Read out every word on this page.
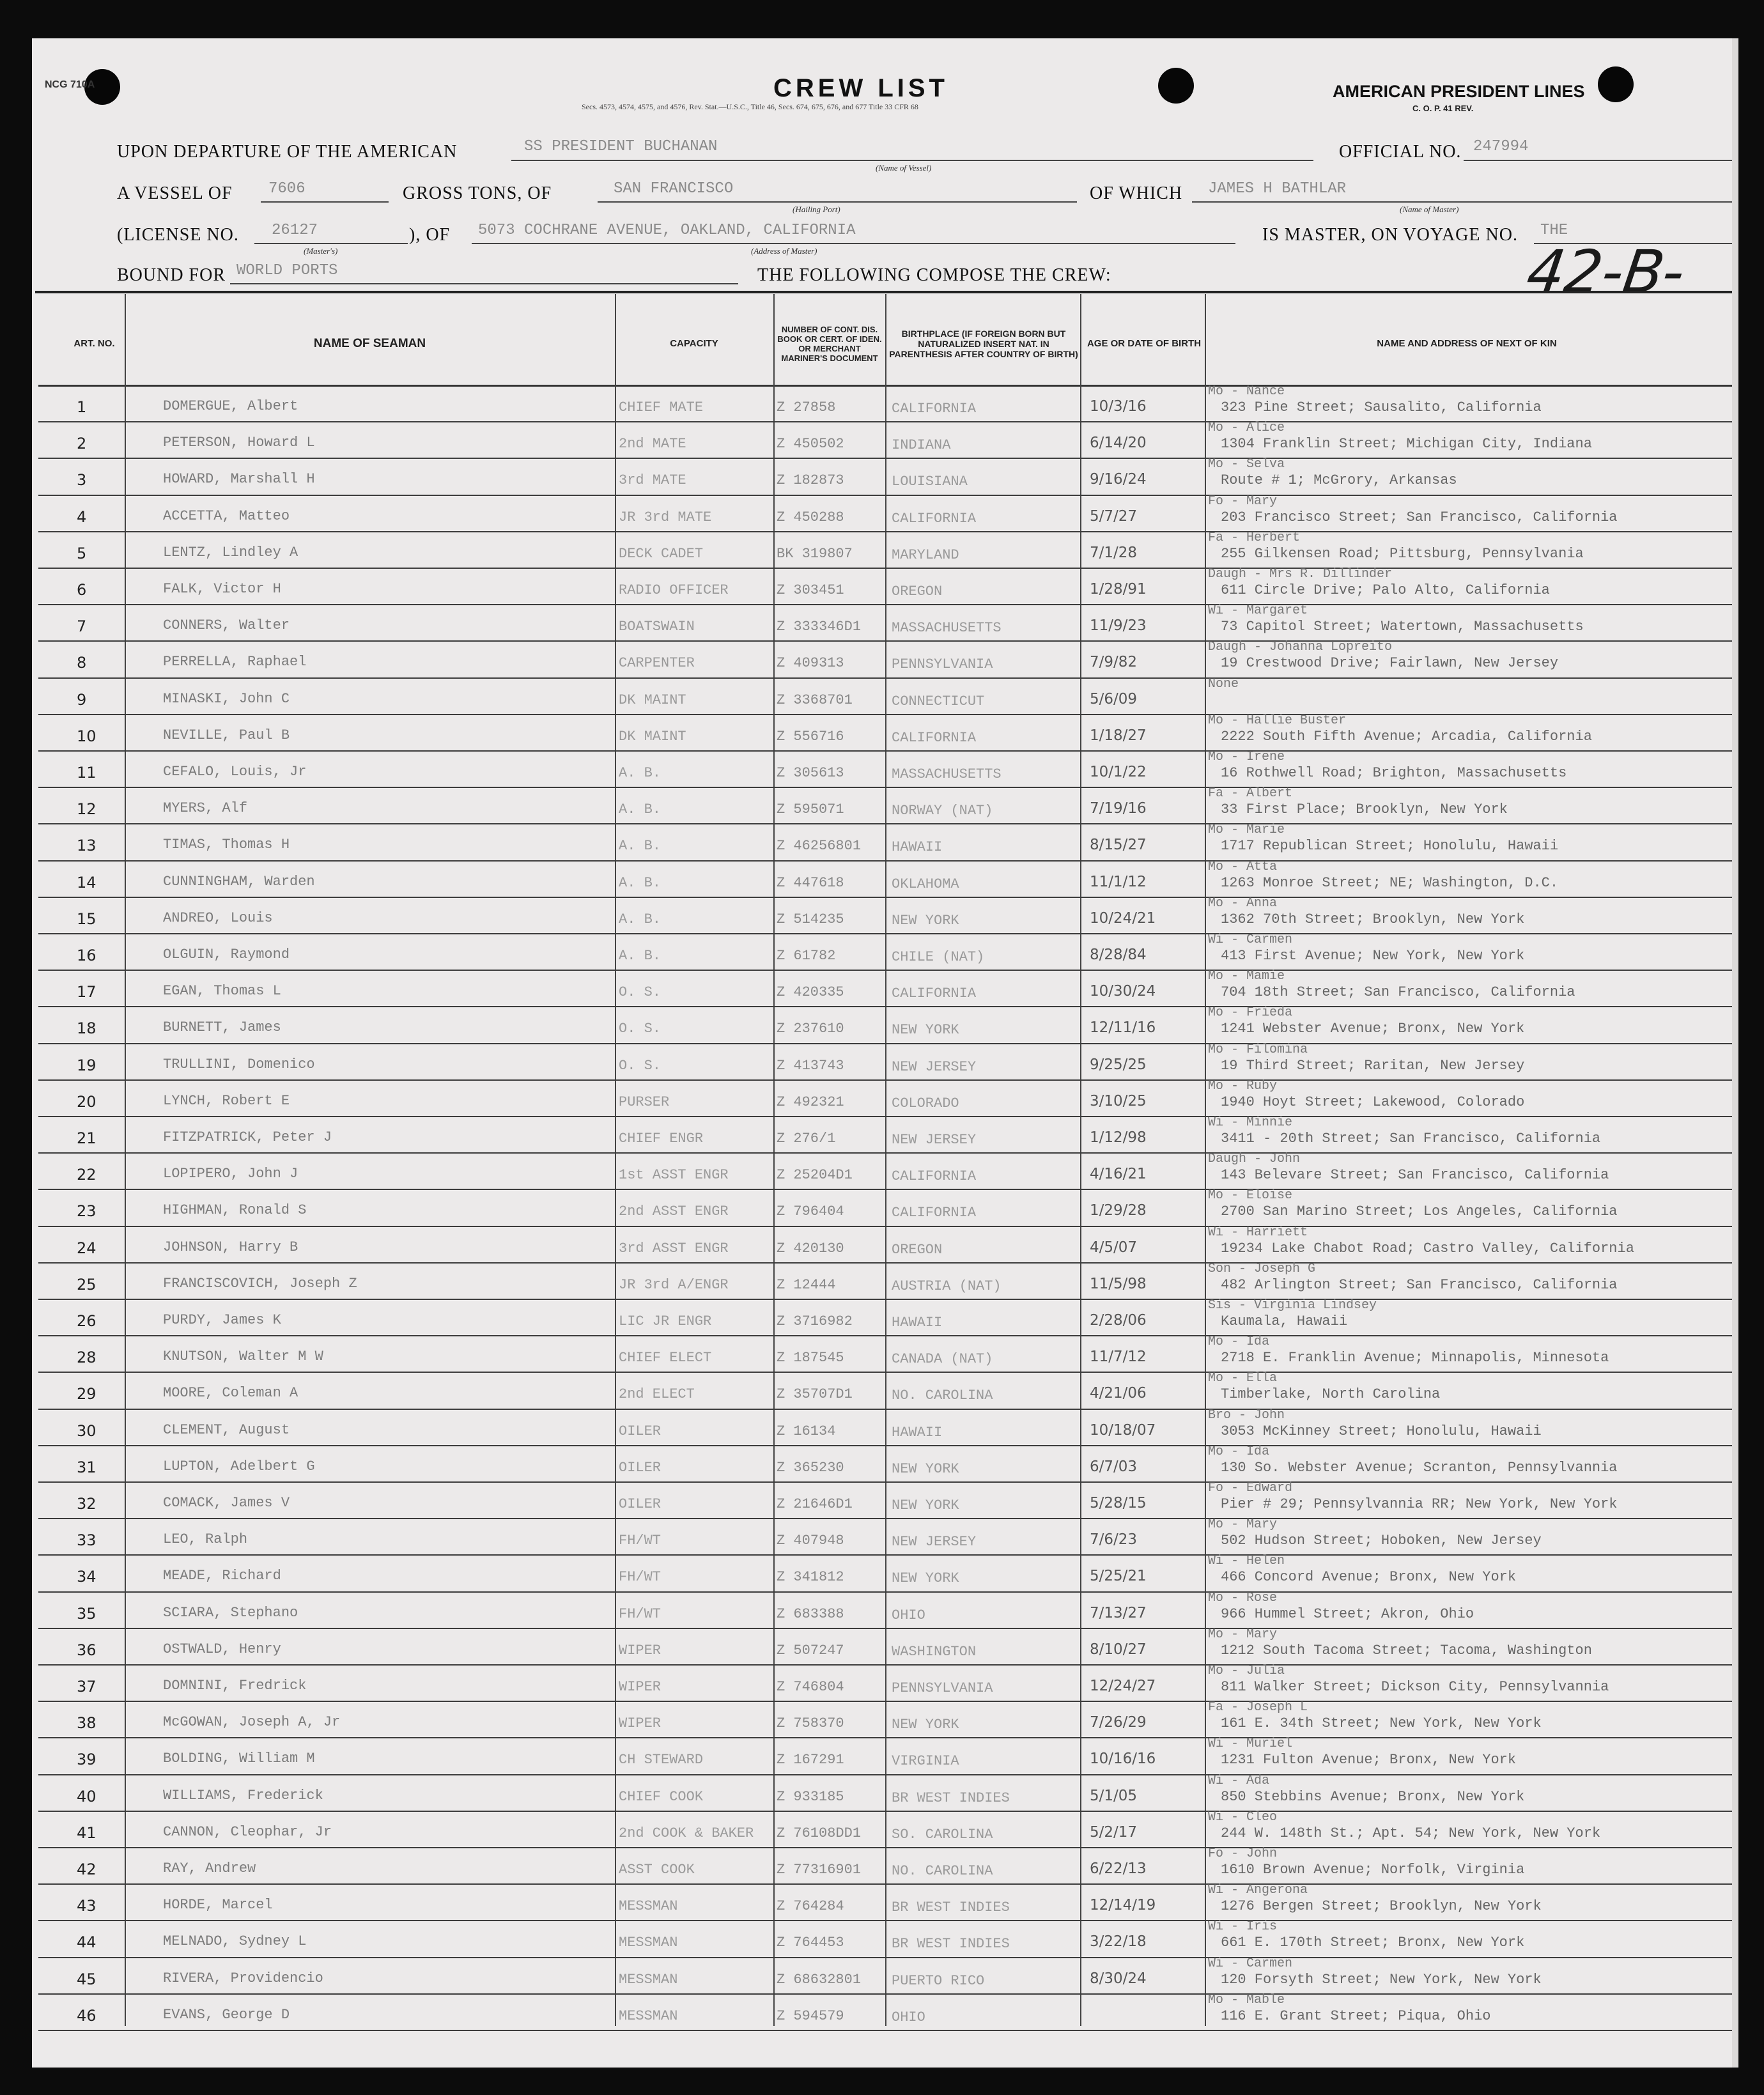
NCG 710A	CREW LIST
Secs. 4573, 4574, 4575, and 4576, Rev. Stat.—U.S.C., Title 46, Secs. 674, 675, 676, and 677 Title 33 CFR 68
AMERICAN PRESIDENT LINES
C. O. P. 41 REV.
UPON DEPARTURE OF THE AMERICAN	SS PRESIDENT BUCHANAN
(Name of Vessel)
OFFICIAL NO. 247994
A VESSEL OF 7606	GROSS TONS, OF	SAN FRANCISCO
(Hailing Port)
OF WHICH JAMES H BATHLAR
(Name of Master)
(LICENSE NO. 26127
(Master's)
), OF 5073 COCHRANE AVENUE, OAKLAND, CALIFORNIA
(Address of Master)
IS MASTER, ON VOYAGE NO. THE
42-B-
BOUND FOR WORLD PORTS	THE FOLLOWING COMPOSE THE CREW:
ART. NO.	NAME OF SEAMAN	CAPACITY
NUMBER OF CONT. DIS. BOOK OR CERT. OF IDEN. OR MERCHANT MARINER'S DOCUMENT
BIRTHPLACE (IF FOREIGN BORN BUT NATURALIZED INSERT NAT. IN PARENTHESIS AFTER COUNTRY OF BIRTH)
AGE OR DATE OF BIRTH	NAME AND ADDRESS OF NEXT OF KIN
1	DOMERGUE, Albert	CHIEF MATE	Z 27858	CALIFORNIA	10/3/16
Mo - Nance
323 Pine Street; Sausalito, California
2	PETERSON, Howard L	2nd MATE	Z 450502	INDIANA	6/14/20
Mo - Alice
1304 Franklin Street; Michigan City, Indiana
3	HOWARD, Marshall H	3rd MATE	Z 182873	LOUISIANA	9/16/24
Mo - Selva
Route # 1; McGrory, Arkansas
4	ACCETTA, Matteo	JR 3rd MATE	Z 450288	CALIFORNIA	5/7/27
Fo - Mary
203 Francisco Street; San Francisco, California
5	LENTZ, Lindley A	DECK CADET	BK 319807	MARYLAND	7/1/28
Fa - Herbert
255 Gilkensen Road; Pittsburg, Pennsylvania
6	FALK, Victor H	RADIO OFFICER	Z 303451	OREGON	1/28/91
Daugh - Mrs R. Dillinder
611 Circle Drive; Palo Alto, California
7	CONNERS, Walter	BOATSWAIN	Z 333346D1 MASSACHUSETTS	11/9/23
Wi - Margaret
73 Capitol Street; Watertown, Massachusetts
8	PERRELLA, Raphael	CARPENTER	Z 409313	PENNSYLVANIA	7/9/82
Daugh - Johanna Lopreito
19 Crestwood Drive; Fairlawn, New Jersey
9	MINASKI, John C	DK MAINT	Z 3368701	CONNECTICUT	5/6/09
None
10	NEVILLE, Paul B	DK MAINT	Z 556716	CALIFORNIA	1/18/27
Mo - Hallie Buster
2222 South Fifth Avenue; Arcadia, California
11	CEFALO, Louis, Jr	A. B.	Z 305613	MASSACHUSETTS	10/1/22
Mo - Irene
16 Rothwell Road; Brighton, Massachusetts
12	MYERS, Alf	A. B.	Z 595071	NORWAY (NAT)	7/19/16
Fa - Albert
33 First Place; Brooklyn, New York
13	TIMAS, Thomas H	A. B.	Z 46256801 HAWAII	8/15/27
Mo - Marie
1717 Republican Street; Honolulu, Hawaii
14	CUNNINGHAM, Warden	A. B.	Z 447618	OKLAHOMA	11/1/12
Mo - Atta
1263 Monroe Street; NE; Washington, D.C.
15	ANDREO, Louis	A. B.	Z 514235	NEW YORK	10/24/21
Mo - Anna
1362 70th Street; Brooklyn, New York
16	OLGUIN, Raymond	A. B.	Z 61782	CHILE (NAT)	8/28/84
Wi - Carmen
413 First Avenue; New York, New York
17	EGAN, Thomas L	O. S.	Z 420335	CALIFORNIA	10/30/24
Mo - Mamie
704 18th Street; San Francisco, California
18	BURNETT, James	O. S.	Z 237610	NEW YORK	12/11/16
Mo - Frieda
1241 Webster Avenue; Bronx, New York
19	TRULLINI, Domenico	O. S.	Z 413743	NEW JERSEY	9/25/25
Mo - Filomina
19 Third Street; Raritan, New Jersey
20	LYNCH, Robert E	PURSER	Z 492321	COLORADO	3/10/25
Mo - Ruby
1940 Hoyt Street; Lakewood, Colorado
21	FITZPATRICK, Peter J	CHIEF ENGR	Z 276/1	NEW JERSEY	1/12/98
Wi - Minnie
3411 - 20th Street; San Francisco, California
22	LOPIPERO, John J	1st ASST ENGR	Z 25204D1	CALIFORNIA	4/16/21
Daugh - John
143 Belevare Street; San Francisco, California
23	HIGHMAN, Ronald S	2nd ASST ENGR	Z 796404	CALIFORNIA	1/29/28
Mo - Eloise
2700 San Marino Street; Los Angeles, California
24	JOHNSON, Harry B	3rd ASST ENGR	Z 420130	OREGON	4/5/07
Wi - Harriett
19234 Lake Chabot Road; Castro Valley, California
25	FRANCISCOVICH, Joseph Z	JR 3rd A/ENGR	Z 12444	AUSTRIA (NAT)	11/5/98
Son - Joseph G
482 Arlington Street; San Francisco, California
26	PURDY, James K	LIC JR ENGR	Z 3716982	HAWAII	2/28/06
Sis - Virginia Lindsey
Kaumala, Hawaii
28	KNUTSON, Walter M W	CHIEF ELECT	Z 187545	CANADA (NAT)	11/7/12
Mo - Ida
2718 E. Franklin Avenue; Minnapolis, Minnesota
29	MOORE, Coleman A	2nd ELECT	Z 35707D1	NO. CAROLINA	4/21/06
Mo - Ella
Timberlake, North Carolina
30	CLEMENT, August	OILER	Z 16134	HAWAII	10/18/07
Bro - John
3053 McKinney Street; Honolulu, Hawaii
31	LUPTON, Adelbert G	OILER	Z 365230	NEW YORK	6/7/03
Mo - Ida
130 So. Webster Avenue; Scranton, Pennsylvannia
32	COMACK, James V	OILER	Z 21646D1	NEW YORK	5/28/15
Fo - Edward
Pier # 29; Pennsylvannia RR; New York, New York
33	LEO, Ralph	FH/WT	Z 407948	NEW JERSEY	7/6/23
Mo - Mary
502 Hudson Street; Hoboken, New Jersey
34	MEADE, Richard	FH/WT	Z 341812	NEW YORK	5/25/21
Wi - Helen
466 Concord Avenue; Bronx, New York
35	SCIARA, Stephano	FH/WT	Z 683388	OHIO	7/13/27
Mo - Rose
966 Hummel Street; Akron, Ohio
36	OSTWALD, Henry	WIPER	Z 507247	WASHINGTON	8/10/27
Mo - Mary
1212 South Tacoma Street; Tacoma, Washington
37	DOMNINI, Fredrick	WIPER	Z 746804	PENNSYLVANIA	12/24/27
Mo - Julia
811 Walker Street; Dickson City, Pennsylvannia
38	McGOWAN, Joseph A, Jr	WIPER	Z 758370	NEW YORK	7/26/29
Fa - Joseph L
161 E. 34th Street; New York, New York
39	BOLDING, William M	CH STEWARD	Z 167291	VIRGINIA	10/16/16
Wi - Muriel
1231 Fulton Avenue; Bronx, New York
40	WILLIAMS, Frederick	CHIEF COOK	Z 933185	BR WEST INDIES	5/1/05
Wi - Ada
850 Stebbins Avenue; Bronx, New York
41	CANNON, Cleophar, Jr	2nd COOK & BAKER Z 76108DD1 SO. CAROLINA	5/2/17
Wi - Cleo
244 W. 148th St.; Apt. 54; New York, New York
42	RAY, Andrew	ASST COOK	Z 77316901 NO. CAROLINA	6/22/13
Fo - John
1610 Brown Avenue; Norfolk, Virginia
43	HORDE, Marcel	MESSMAN	Z 764284	BR WEST INDIES	12/14/19
Wi - Angerona
1276 Bergen Street; Brooklyn, New York
44	MELNADO, Sydney L	MESSMAN	Z 764453	BR WEST INDIES	3/22/18
Wi - Iris
661 E. 170th Street; Bronx, New York
45	RIVERA, Providencio	MESSMAN	Z 68632801 PUERTO RICO	8/30/24
Wi - Carmen
120 Forsyth Street; New York, New York
46	EVANS, George D	MESSMAN	Z 594579	OHIO
Mo - Mable
116 E. Grant Street; Piqua, Ohio
